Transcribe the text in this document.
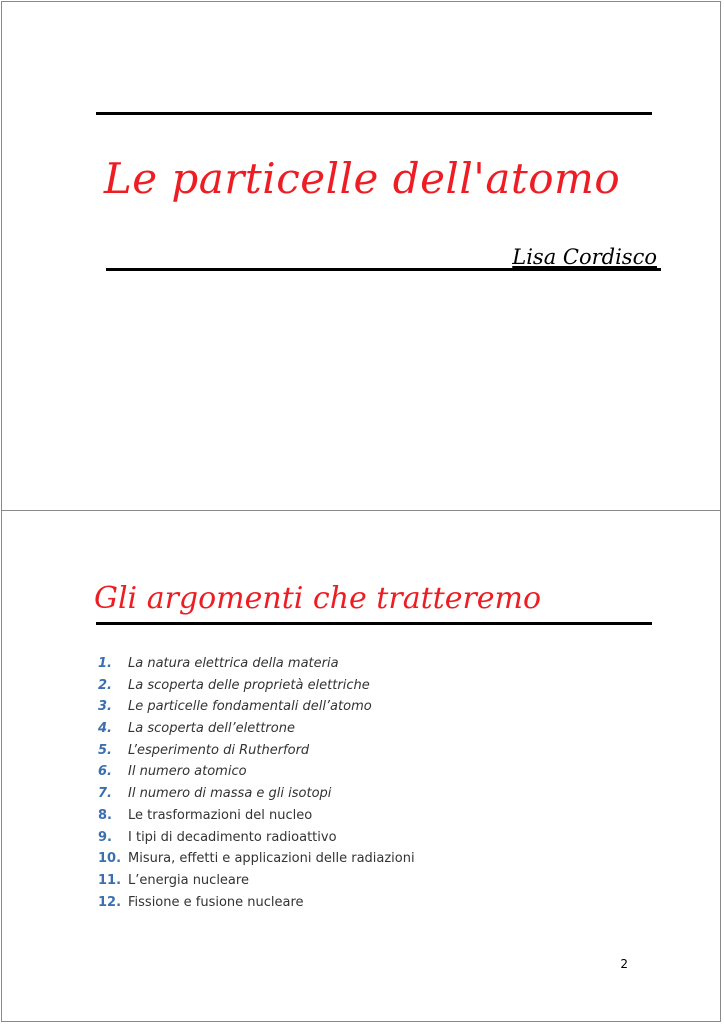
Le particelle dell'atomo
Lisa Cordisco
Gli argomenti che tratteremo
1. La natura elettrica della materia
2. La scoperta delle proprietà elettriche
3. Le particelle fondamentali dell’atomo
4. La scoperta dell’elettrone
5. L’esperimento di Rutherford
6. Il numero atomico
7. Il numero di massa e gli isotopi
8. Le trasformazioni del nucleo
9. I tipi di decadimento radioattivo
10. Misura, effetti e applicazioni delle radiazioni
11. L’energia nucleare
12. Fissione e fusione nucleare
2
